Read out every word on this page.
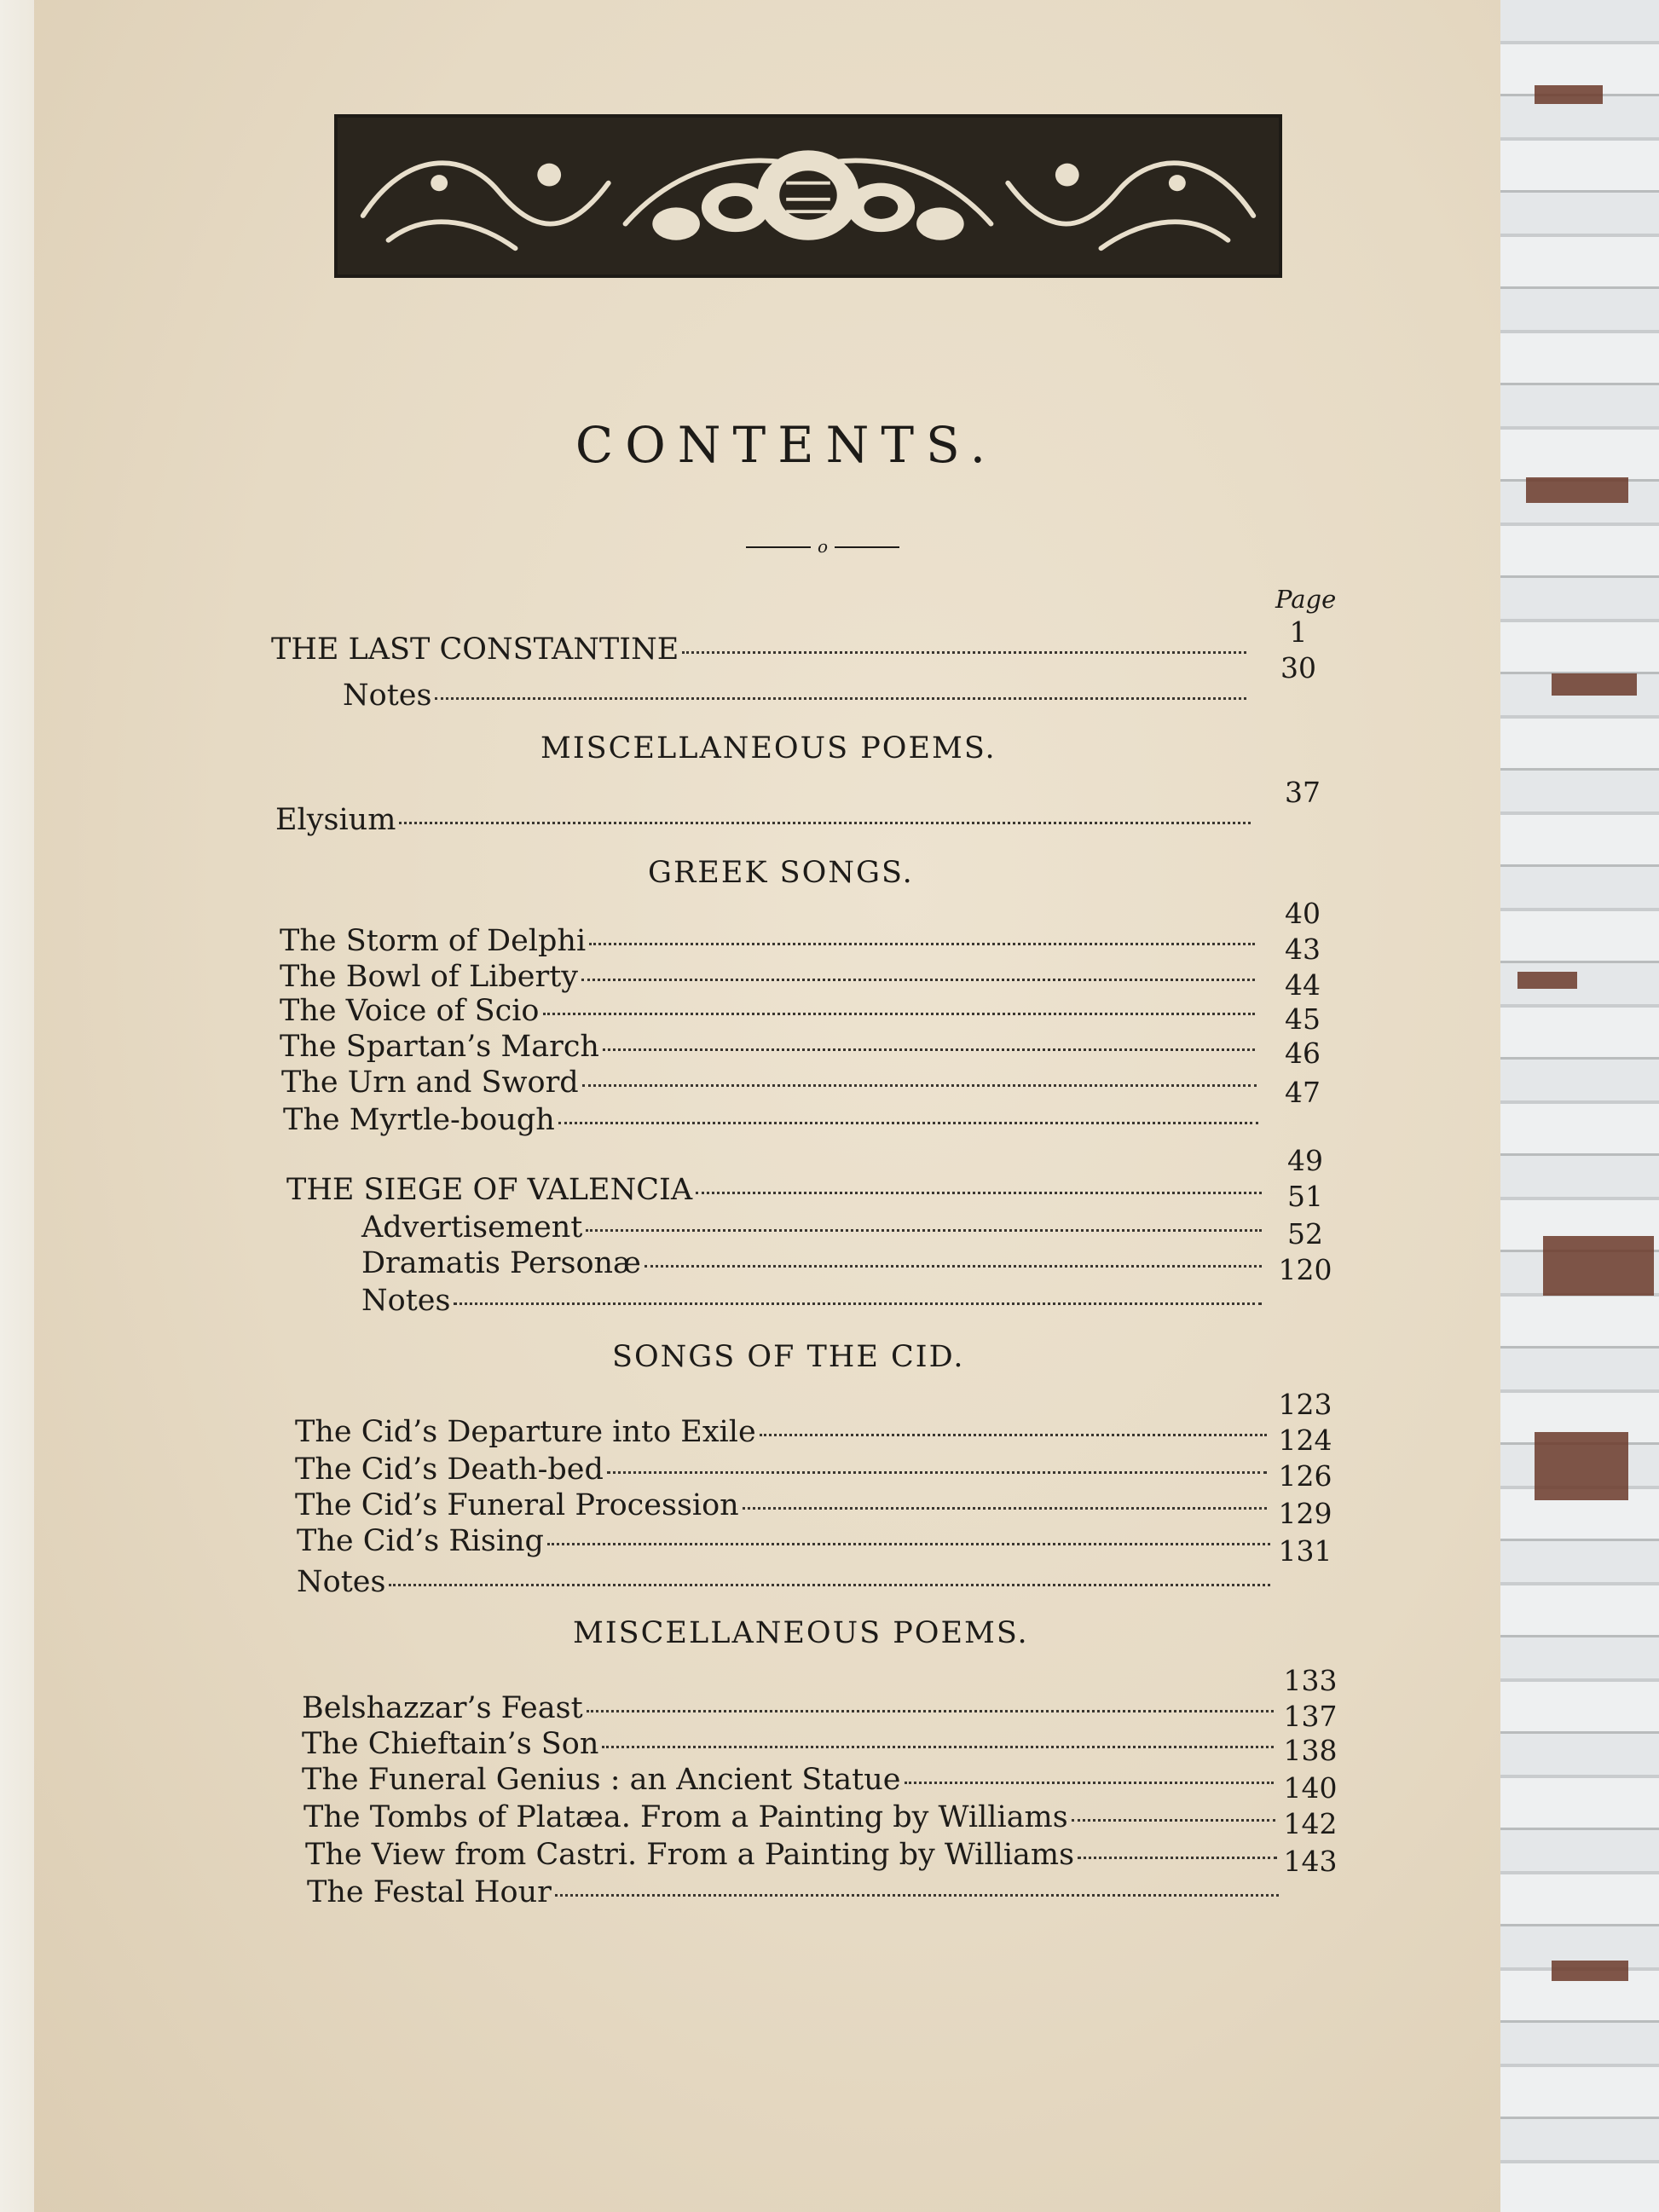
CONTENTS.
o
Page
THE LAST CONSTANTINE
1
Notes
30
MISCELLANEOUS POEMS.
Elysium
37
GREEK SONGS.
The Storm of Delphi
40
The Bowl of Liberty
43
The Voice of Scio
44
The Spartan’s March
45
The Urn and Sword
46
The Myrtle-bough
47
THE SIEGE OF VALENCIA
49
Advertisement
51
Dramatis Personæ
52
Notes
120
SONGS OF THE CID.
The Cid’s Departure into Exile
123
The Cid’s Death-bed
124
The Cid’s Funeral Procession
126
The Cid’s Rising
129
Notes
131
MISCELLANEOUS POEMS.
Belshazzar’s Feast
133
The Chieftain’s Son
137
The Funeral Genius : an Ancient Statue
138
The Tombs of Platæa. From a Painting by Williams
140
The View from Castri. From a Painting by Williams
142
The Festal Hour
143
